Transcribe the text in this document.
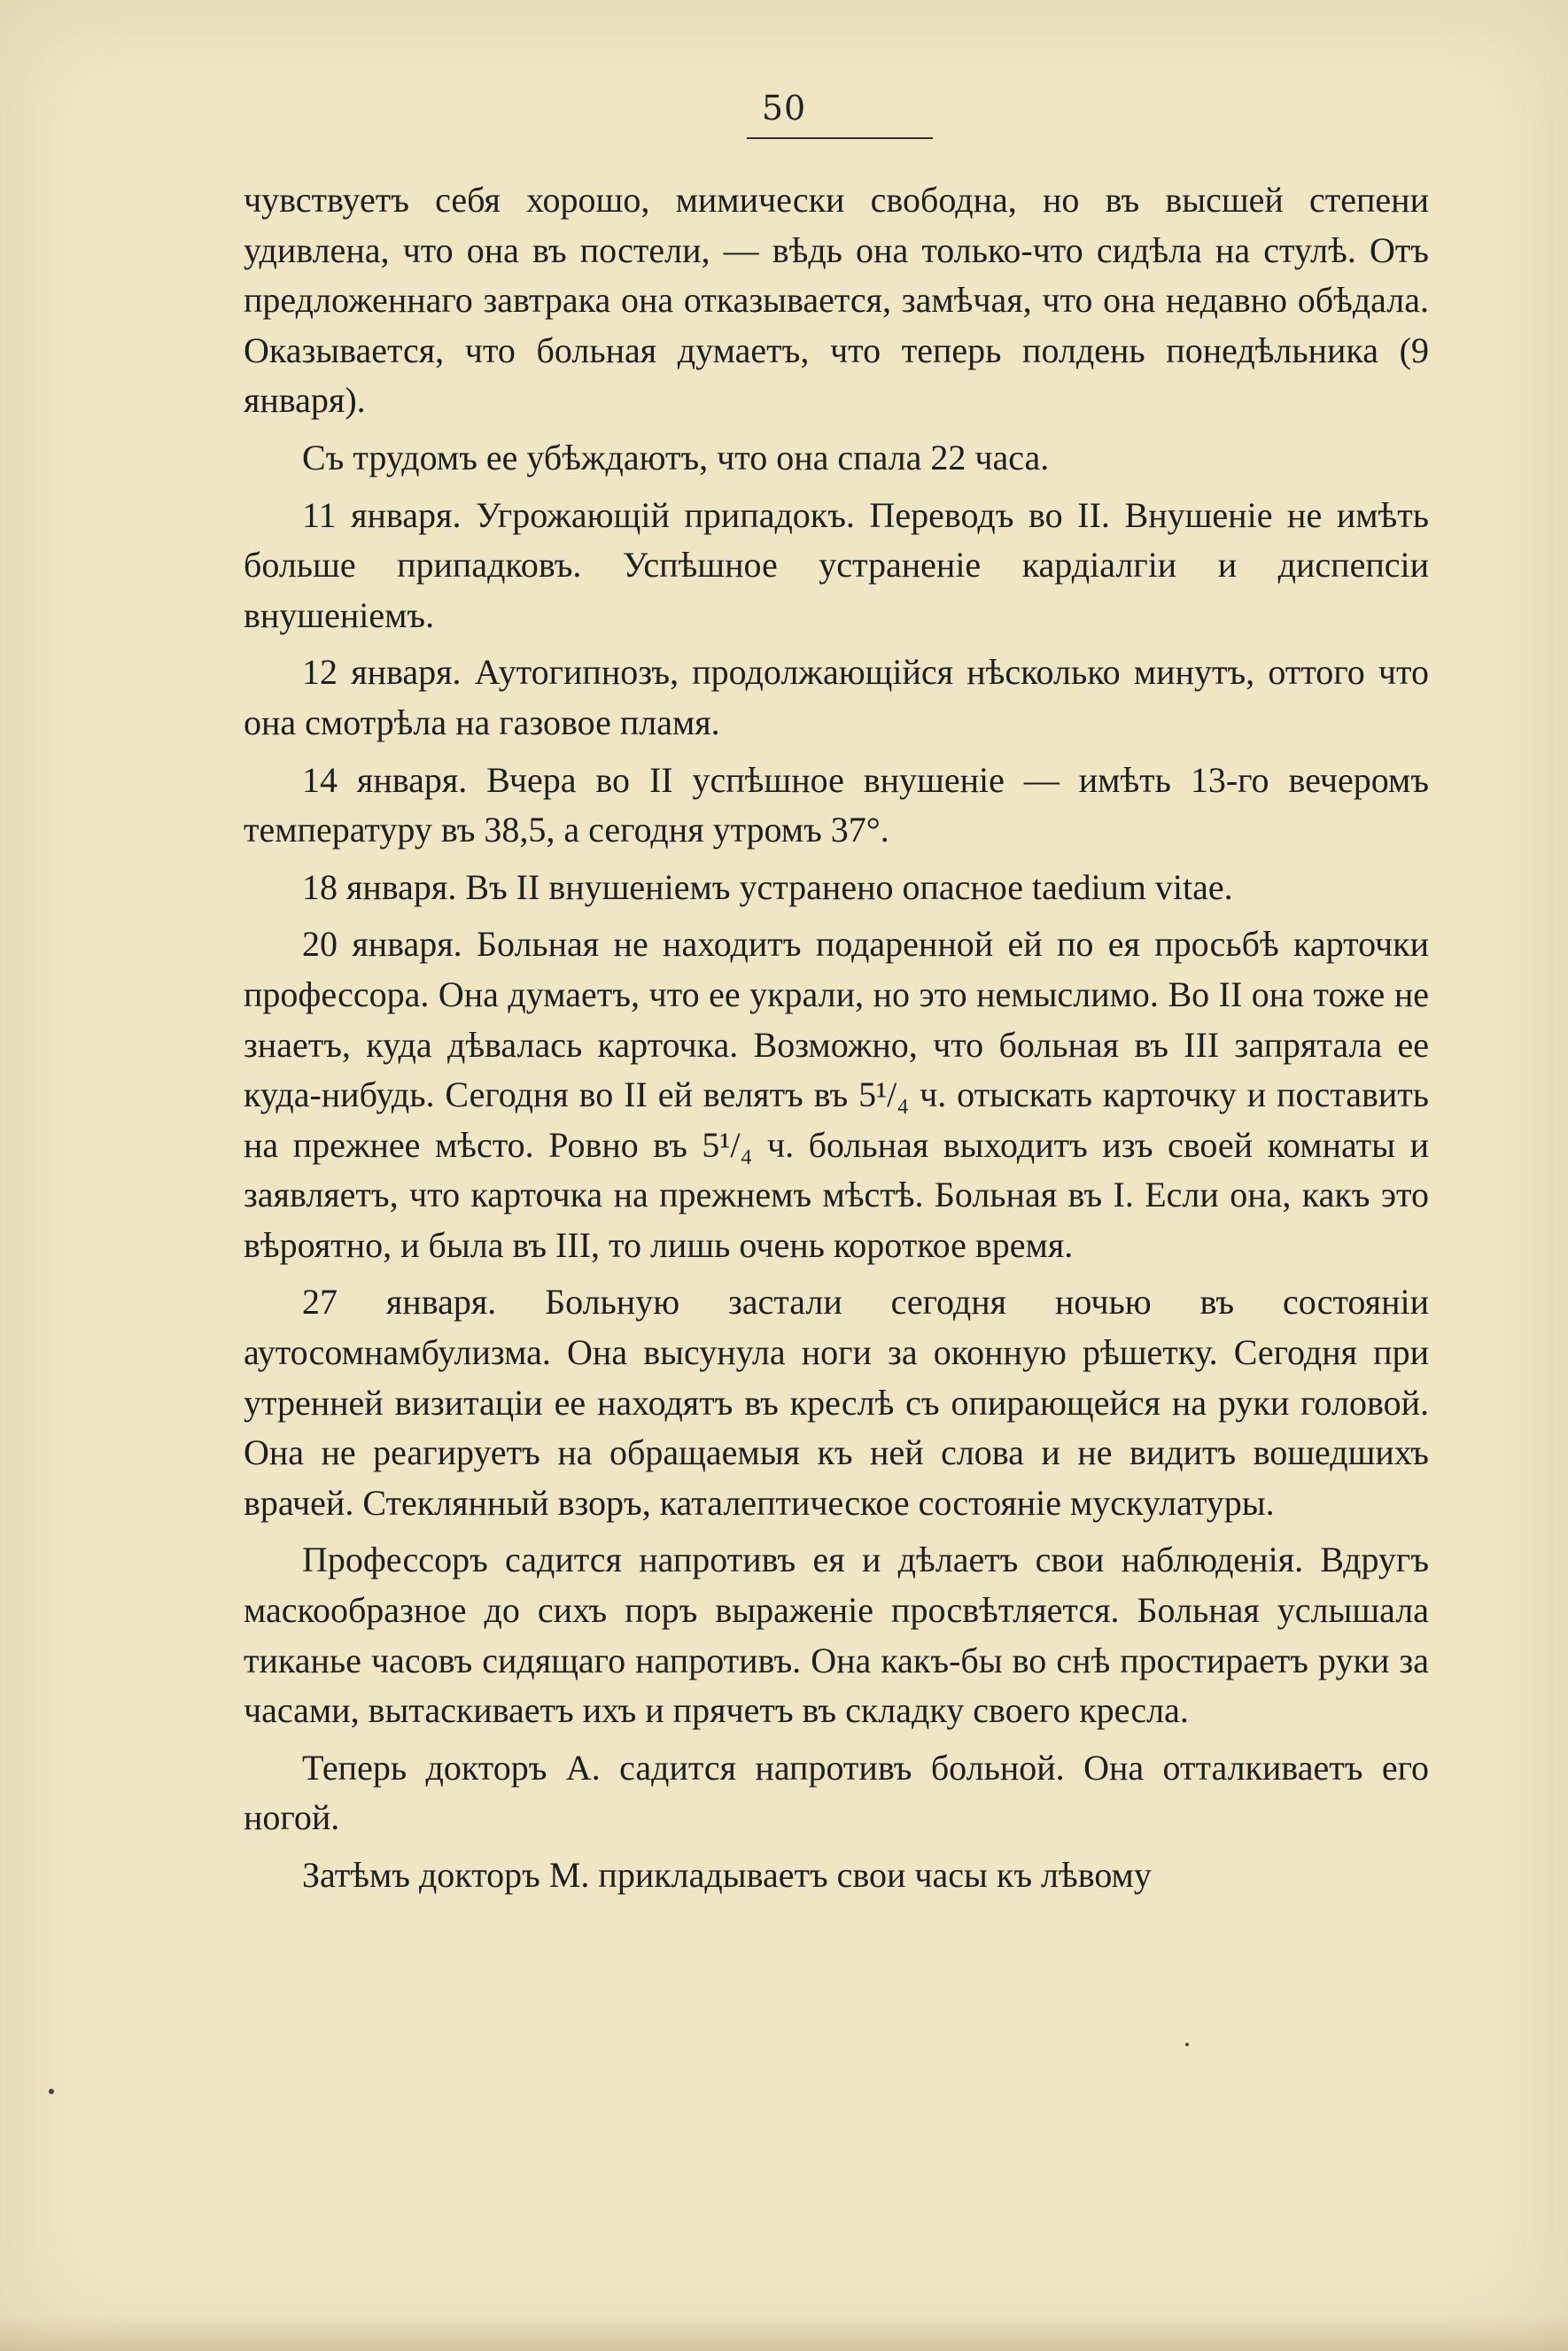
50

чувствуетъ себя хорошо, мимически свободна, но въ высшей степени удивлена, что она въ постели, — вѣдь она только-что сидѣла на стулѣ. Отъ предложеннаго завтрака она отказывается, замѣчая, что она недавно обѣдала. Оказывается, что больная думаетъ, что теперь полдень понедѣльника (9 января).

Съ трудомъ ее убѣждаютъ, что она спала 22 часа.

11 января. Угрожающій припадокъ. Переводъ во II. Внушеніе не имѣть больше припадковъ. Успѣшное устраненіе кардіалгіи и диспепсіи внушеніемъ.

12 января. Аутогипнозъ, продолжающійся нѣсколько минутъ, оттого что она смотрѣла на газовое пламя.

14 января. Вчера во II успѣшное внушеніе — имѣть 13-го вечеромъ температуру въ 38,5, а сегодня утромъ 37°.

18 января. Въ II внушеніемъ устранено опасное taedium vitae.

20 января. Больная не находитъ подаренной ей по ея просьбѣ карточки профессора. Она думаетъ, что ее украли, но это немыслимо. Во II она тоже не знаетъ, куда дѣвалась карточка. Возможно, что больная въ III запрятала ее куда-нибудь. Сегодня во II ей велятъ въ 5¹/₄ ч. отыскать карточку и поставить на прежнее мѣсто. Ровно въ 5¹/₄ ч. больная выходитъ изъ своей комнаты и заявляетъ, что карточка на прежнемъ мѣстѣ. Больная въ I. Если она, какъ это вѣроятно, и была въ III, то лишь очень короткое время.

27 января. Больную застали сегодня ночью въ состояніи аутосомнамбулизма. Она высунула ноги за оконную рѣшетку. Сегодня при утренней визитаціи ее находятъ въ креслѣ съ опирающейся на руки головой. Она не реагируетъ на обращаемыя къ ней слова и не видитъ вошедшихъ врачей. Стеклянный взоръ, каталептическое состояніе мускулатуры.

Профессоръ садится напротивъ ея и дѣлаетъ свои наблюденія. Вдругъ маскообразное до сихъ поръ выраженіе просвѣтляется. Больная услышала тиканье часовъ сидящаго напротивъ. Она какъ-бы во снѣ простираетъ руки за часами, вытаскиваетъ ихъ и прячетъ въ складку своего кресла.

Теперь докторъ А. садится напротивъ больной. Она отталкиваетъ его ногой.

Затѣмъ докторъ М. прикладываетъ свои часы къ лѣвому
